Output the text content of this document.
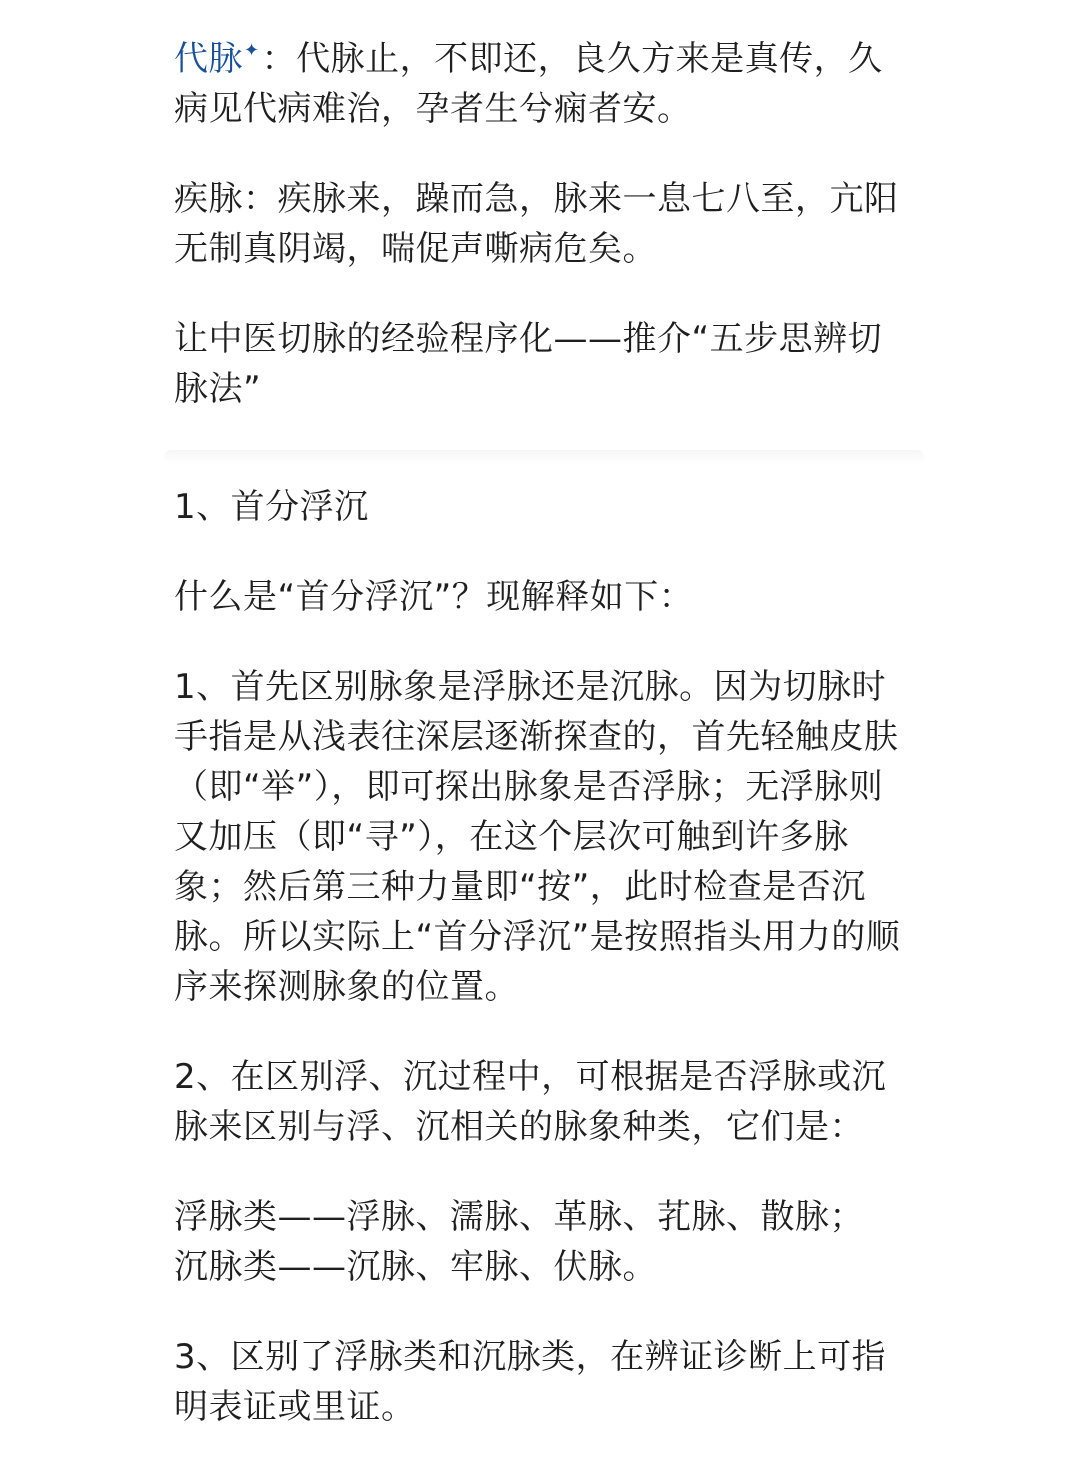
代脉✦：代脉止，不即还，良久方来是真传，久病见代病难治，孕者生兮痫者安。

疾脉：疾脉来，躁而急，脉来一息七八至，亢阳无制真阴竭，喘促声嘶病危矣。

让中医切脉的经验程序化——推介“五步思辨切脉法”

1、首分浮沉

什么是“首分浮沉”？现解释如下：

1、首先区别脉象是浮脉还是沉脉。因为切脉时手指是从浅表往深层逐渐探查的，首先轻触皮肤（即“举”），即可探出脉象是否浮脉；无浮脉则又加压（即“寻”），在这个层次可触到许多脉象；然后第三种力量即“按”，此时检查是否沉脉。所以实际上“首分浮沉”是按照指头用力的顺序来探测脉象的位置。

2、在区别浮、沉过程中，可根据是否浮脉或沉脉来区别与浮、沉相关的脉象种类，它们是：

浮脉类——浮脉、濡脉、革脉、芤脉、散脉；

沉脉类——沉脉、牢脉、伏脉。

3、区别了浮脉类和沉脉类，在辨证诊断上可指明表证或里证。
